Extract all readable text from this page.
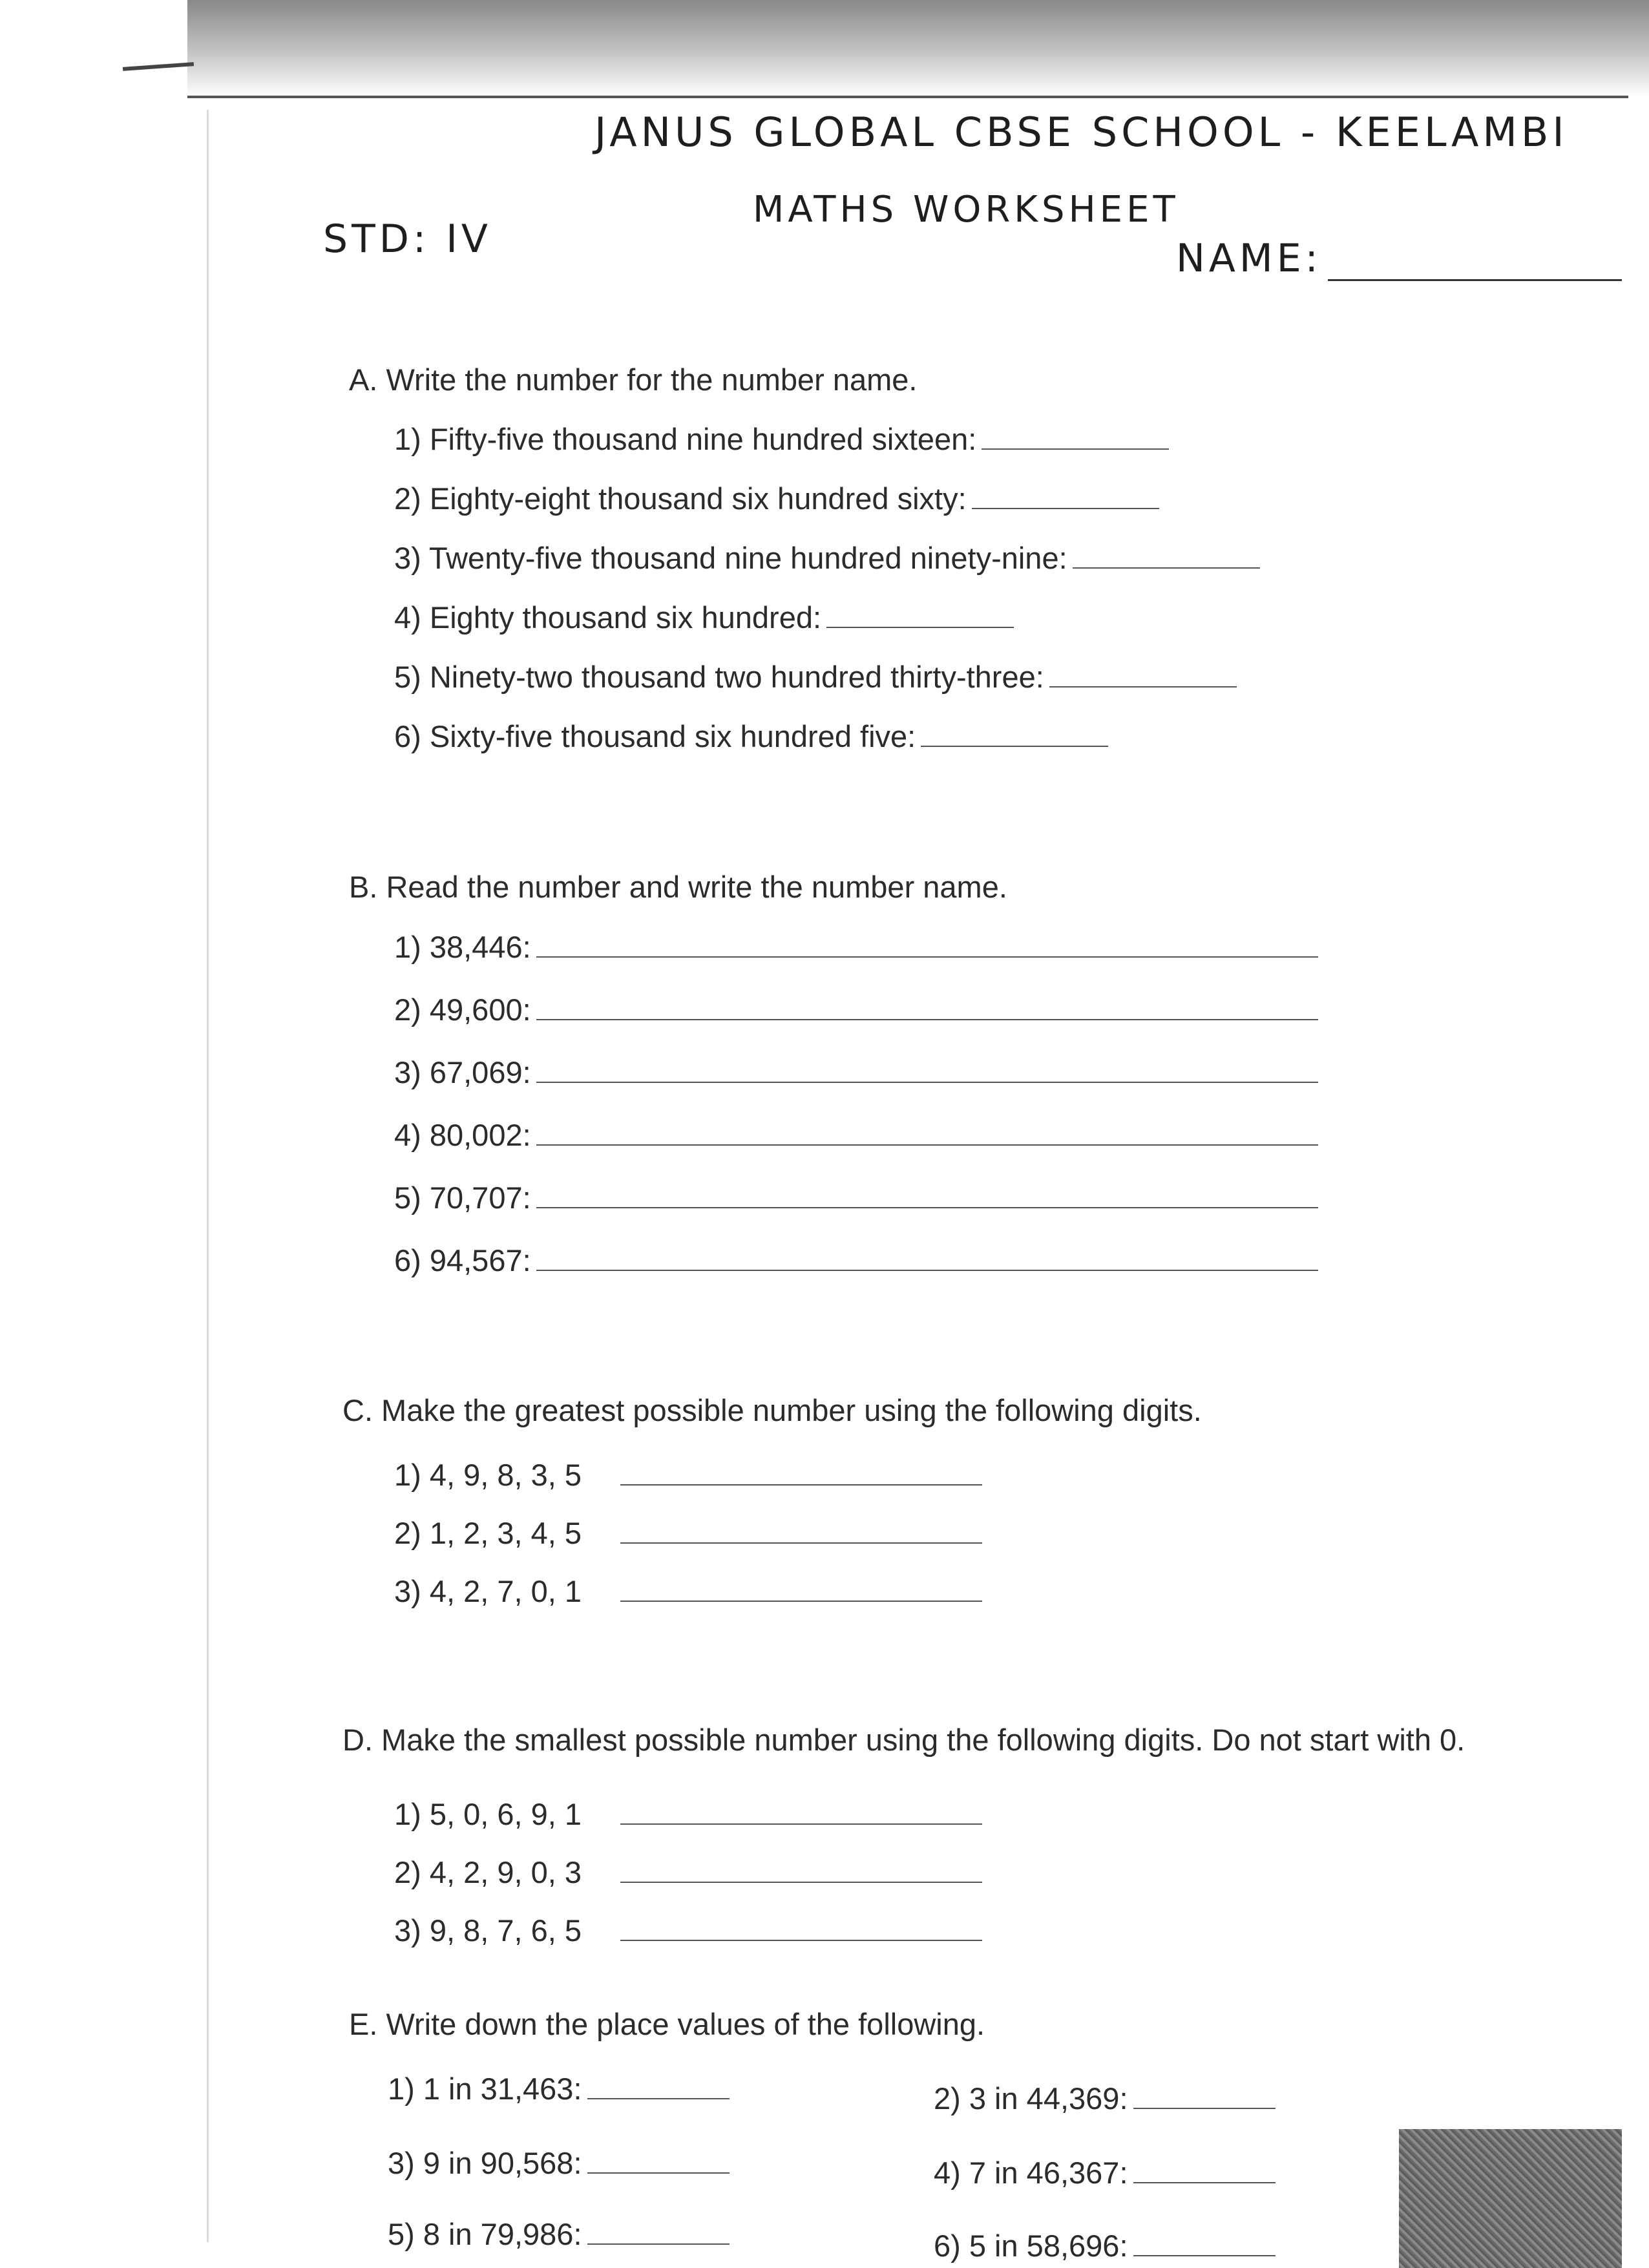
JANUS GLOBAL CBSE SCHOOL - KEELAMBI
MATHS WORKSHEET
STD: IV	NAME:
A. Write the number for the number name.
1) Fifty-five thousand nine hundred sixteen:
2) Eighty-eight thousand six hundred sixty:
3) Twenty-five thousand nine hundred ninety-nine:
4) Eighty thousand six hundred:
5) Ninety-two thousand two hundred thirty-three:
6) Sixty-five thousand six hundred five:
B. Read the number and write the number name.
1) 38,446:
2) 49,600:
3) 67,069:
4) 80,002:
5) 70,707:
6) 94,567:
C. Make the greatest possible number using the following digits.
1) 4, 9, 8, 3, 5
2) 1, 2, 3, 4, 5
3) 4, 2, 7, 0, 1
D. Make the smallest possible number using the following digits. Do not start with 0.
1) 5, 0, 6, 9, 1
2) 4, 2, 9, 0, 3
3) 9, 8, 7, 6, 5
E. Write down the place values of the following.
1) 1 in 31,463:	2) 3 in 44,369:
3) 9 in 90,568:	4) 7 in 46,367:
5) 8 in 79,986:	6) 5 in 58,696:
